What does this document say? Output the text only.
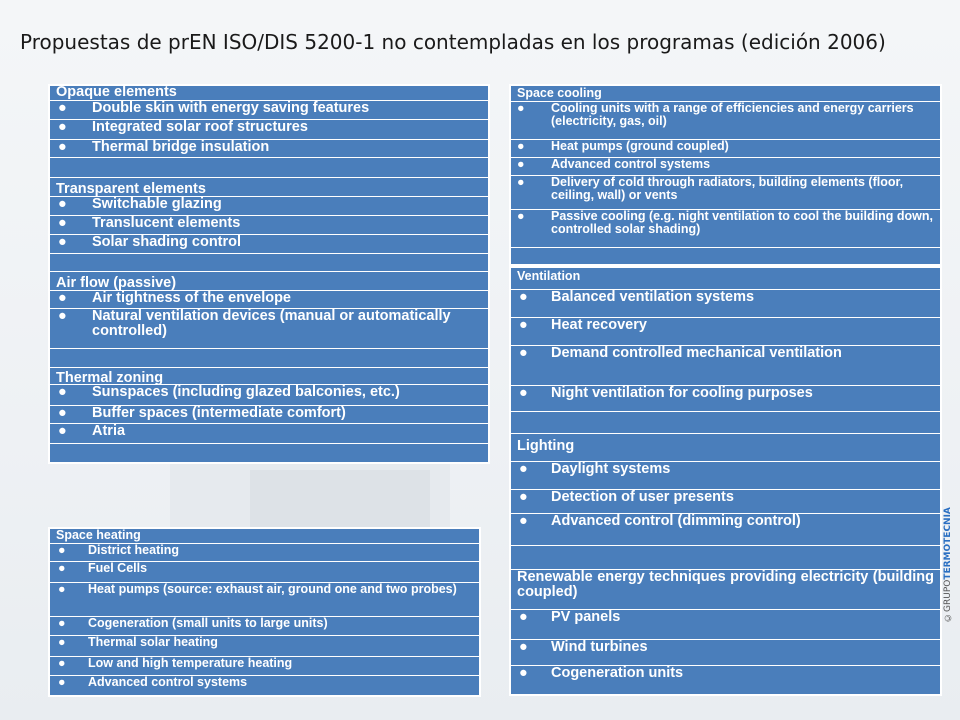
Propuestas de prEN ISO/DIS 5200-1 no contempladas en los programas (edición 2006)
Opaque elements
● Double skin with energy saving features
● Integrated solar roof structures
● Thermal bridge insulation
Transparent elements
● Switchable glazing
● Translucent elements
● Solar shading control
Air flow (passive)
● Air tightness of the envelope
● Natural ventilation devices (manual or automatically controlled)
Thermal zoning
● Sunspaces (including glazed balconies, etc.)
● Buffer spaces (intermediate comfort)
● Atria
Space heating
● District heating
● Fuel Cells
● Heat pumps (source: exhaust air, ground one and two probes)
● Cogeneration (small units to large units)
● Thermal solar heating
● Low and high temperature heating
● Advanced control systems
Space cooling
● Cooling units with a range of efficiencies and energy carriers (electricity, gas, oil)
● Heat pumps (ground coupled)
● Advanced control systems
● Delivery of cold through radiators, building elements (floor, ceiling, wall) or vents
● Passive cooling (e.g. night ventilation to cool the building down, controlled solar shading)
Ventilation
● Balanced ventilation systems
● Heat recovery
● Demand controlled mechanical ventilation
● Night ventilation for cooling purposes
Lighting
● Daylight systems
● Detection of user presents
● Advanced control (dimming control)
Renewable energy techniques providing electricity (building coupled)
● PV panels
● Wind turbines
● Cogeneration units
©GRUPOTERMOTECNIA
